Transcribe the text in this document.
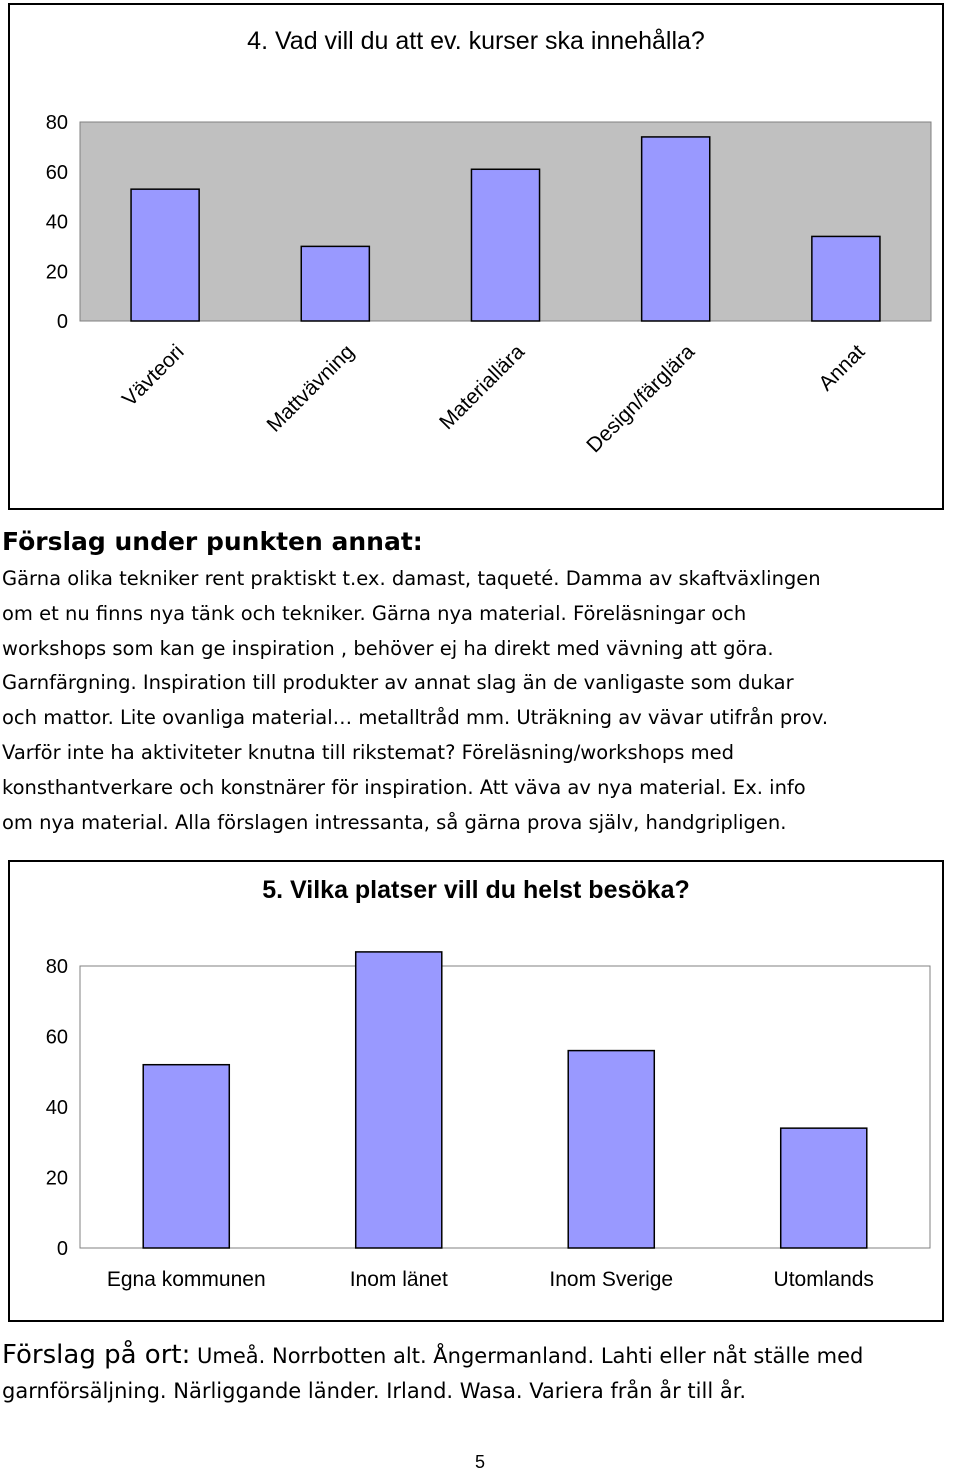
4. Vad vill du att ev. kurser ska innehålla?
0
20
40
60
80
Vävteori	Mattvävning	Materiallära	Design/färglära	Annat
Förslag under punkten annat:

Gärna olika tekniker rent praktiskt t.ex. damast, taqueté. Damma av skaftväxlingen

om et nu finns nya tänk och tekniker. Gärna nya material. Föreläsningar och

workshops som kan ge inspiration , behöver ej ha direkt med vävning att göra.

Garnfärgning. Inspiration till produkter av annat slag än de vanligaste som dukar

och mattor. Lite ovanliga material… metalltråd mm. Uträkning av vävar utifrån prov.

Varför inte ha aktiviteter knutna till rikstemat? Föreläsning/workshops med

konsthantverkare och konstnärer för inspiration. Att väva av nya material. Ex. info

om nya material. Alla förslagen intressanta, så gärna prova själv, handgripligen.

5. Vilka platser vill du helst besöka?
0
20
40
60
80
Egna kommunen	Inom länet	Inom Sverige	Utomlands

Förslag på ort: Umeå. Norrbotten alt. Ångermanland. Lahti eller nåt ställe med

garnförsäljning. Närliggande länder. Irland. Wasa. Variera från år till år.

5
